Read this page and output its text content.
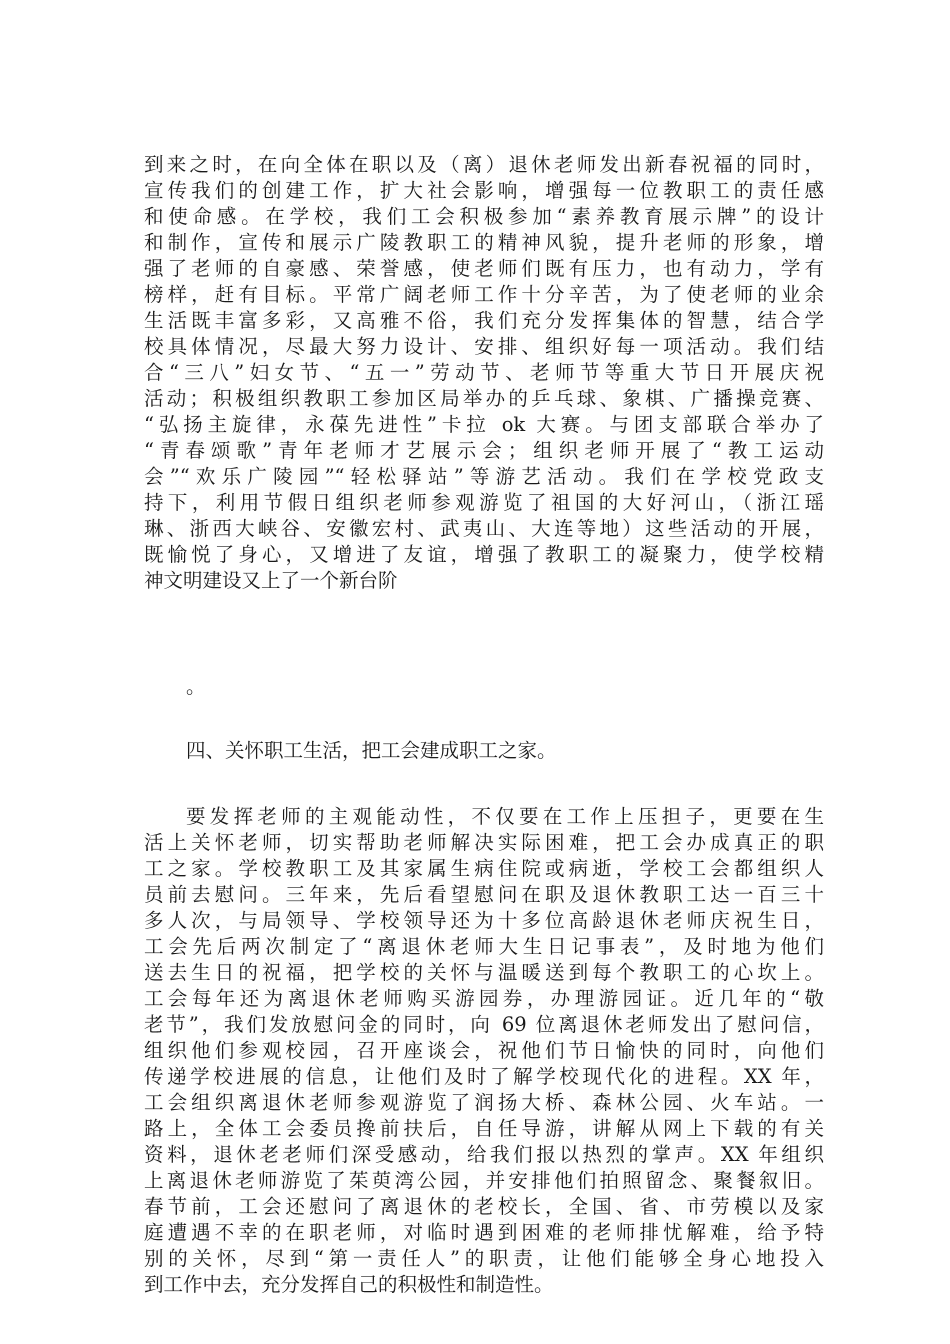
到来之时，在向全体在职以及（离）退休老师发出新春祝福的同时，
宣传我们的创建工作，扩大社会影响，增强每一位教职工的责任感
和使命感。在学校，我们工会积极参加“素养教育展示牌”的设计
和制作，宣传和展示广陵教职工的精神风貌，提升老师的形象，增
强了老师的自豪感、荣誉感，使老师们既有压力，也有动力，学有
榜样，赶有目标。平常广阔老师工作十分辛苦，为了使老师的业余
生活既丰富多彩，又高雅不俗，我们充分发挥集体的智慧，结合学
校具体情况，尽最大努力设计、安排、组织好每一项活动。我们结
合“三八”妇女节、“五一”劳动节、老师节等重大节日开展庆祝
活动；积极组织教职工参加区局举办的乒乓球、象棋、广播操竞赛、
“弘扬主旋律，永葆先进性”卡拉 ok 大赛。与团支部联合举办了
“青春颂歌”青年老师才艺展示会；组织老师开展了“教工运动
会”“欢乐广陵园”“轻松驿站”等游艺活动。我们在学校党政支
持下，利用节假日组织老师参观游览了祖国的大好河山，（浙江瑶
琳、浙西大峡谷、安徽宏村、武夷山、大连等地）这些活动的开展，
既愉悦了身心，又增进了友谊，增强了教职工的凝聚力，使学校精
神文明建设又上了一个新台阶
。
四、关怀职工生活，把工会建成职工之家。
要发挥老师的主观能动性，不仅要在工作上压担子，更要在生
活上关怀老师，切实帮助老师解决实际困难，把工会办成真正的职
工之家。学校教职工及其家属生病住院或病逝，学校工会都组织人
员前去慰问。三年来，先后看望慰问在职及退休教职工达一百三十
多人次，与局领导、学校领导还为十多位高龄退休老师庆祝生日，
工会先后两次制定了“离退休老师大生日记事表”，及时地为他们
送去生日的祝福，把学校的关怀与温暖送到每个教职工的心坎上。
工会每年还为离退休老师购买游园券，办理游园证。近几年的“敬
老节”，我们发放慰问金的同时，向 69 位离退休老师发出了慰问信，
组织他们参观校园，召开座谈会，祝他们节日愉快的同时，向他们
传递学校进展的信息，让他们及时了解学校现代化的进程。XX 年，
工会组织离退休老师参观游览了润扬大桥、森林公园、火车站。一
路上，全体工会委员搀前扶后，自任导游，讲解从网上下载的有关
资料，退休老老师们深受感动，给我们报以热烈的掌声。XX 年组织
上离退休老师游览了茱萸湾公园，并安排他们拍照留念、聚餐叙旧。
春节前，工会还慰问了离退休的老校长，全国、省、市劳模以及家
庭遭遇不幸的在职老师，对临时遇到困难的老师排忧解难，给予特
别的关怀，尽到“第一责任人”的职责，让他们能够全身心地投入
到工作中去，充分发挥自己的积极性和制造性。
